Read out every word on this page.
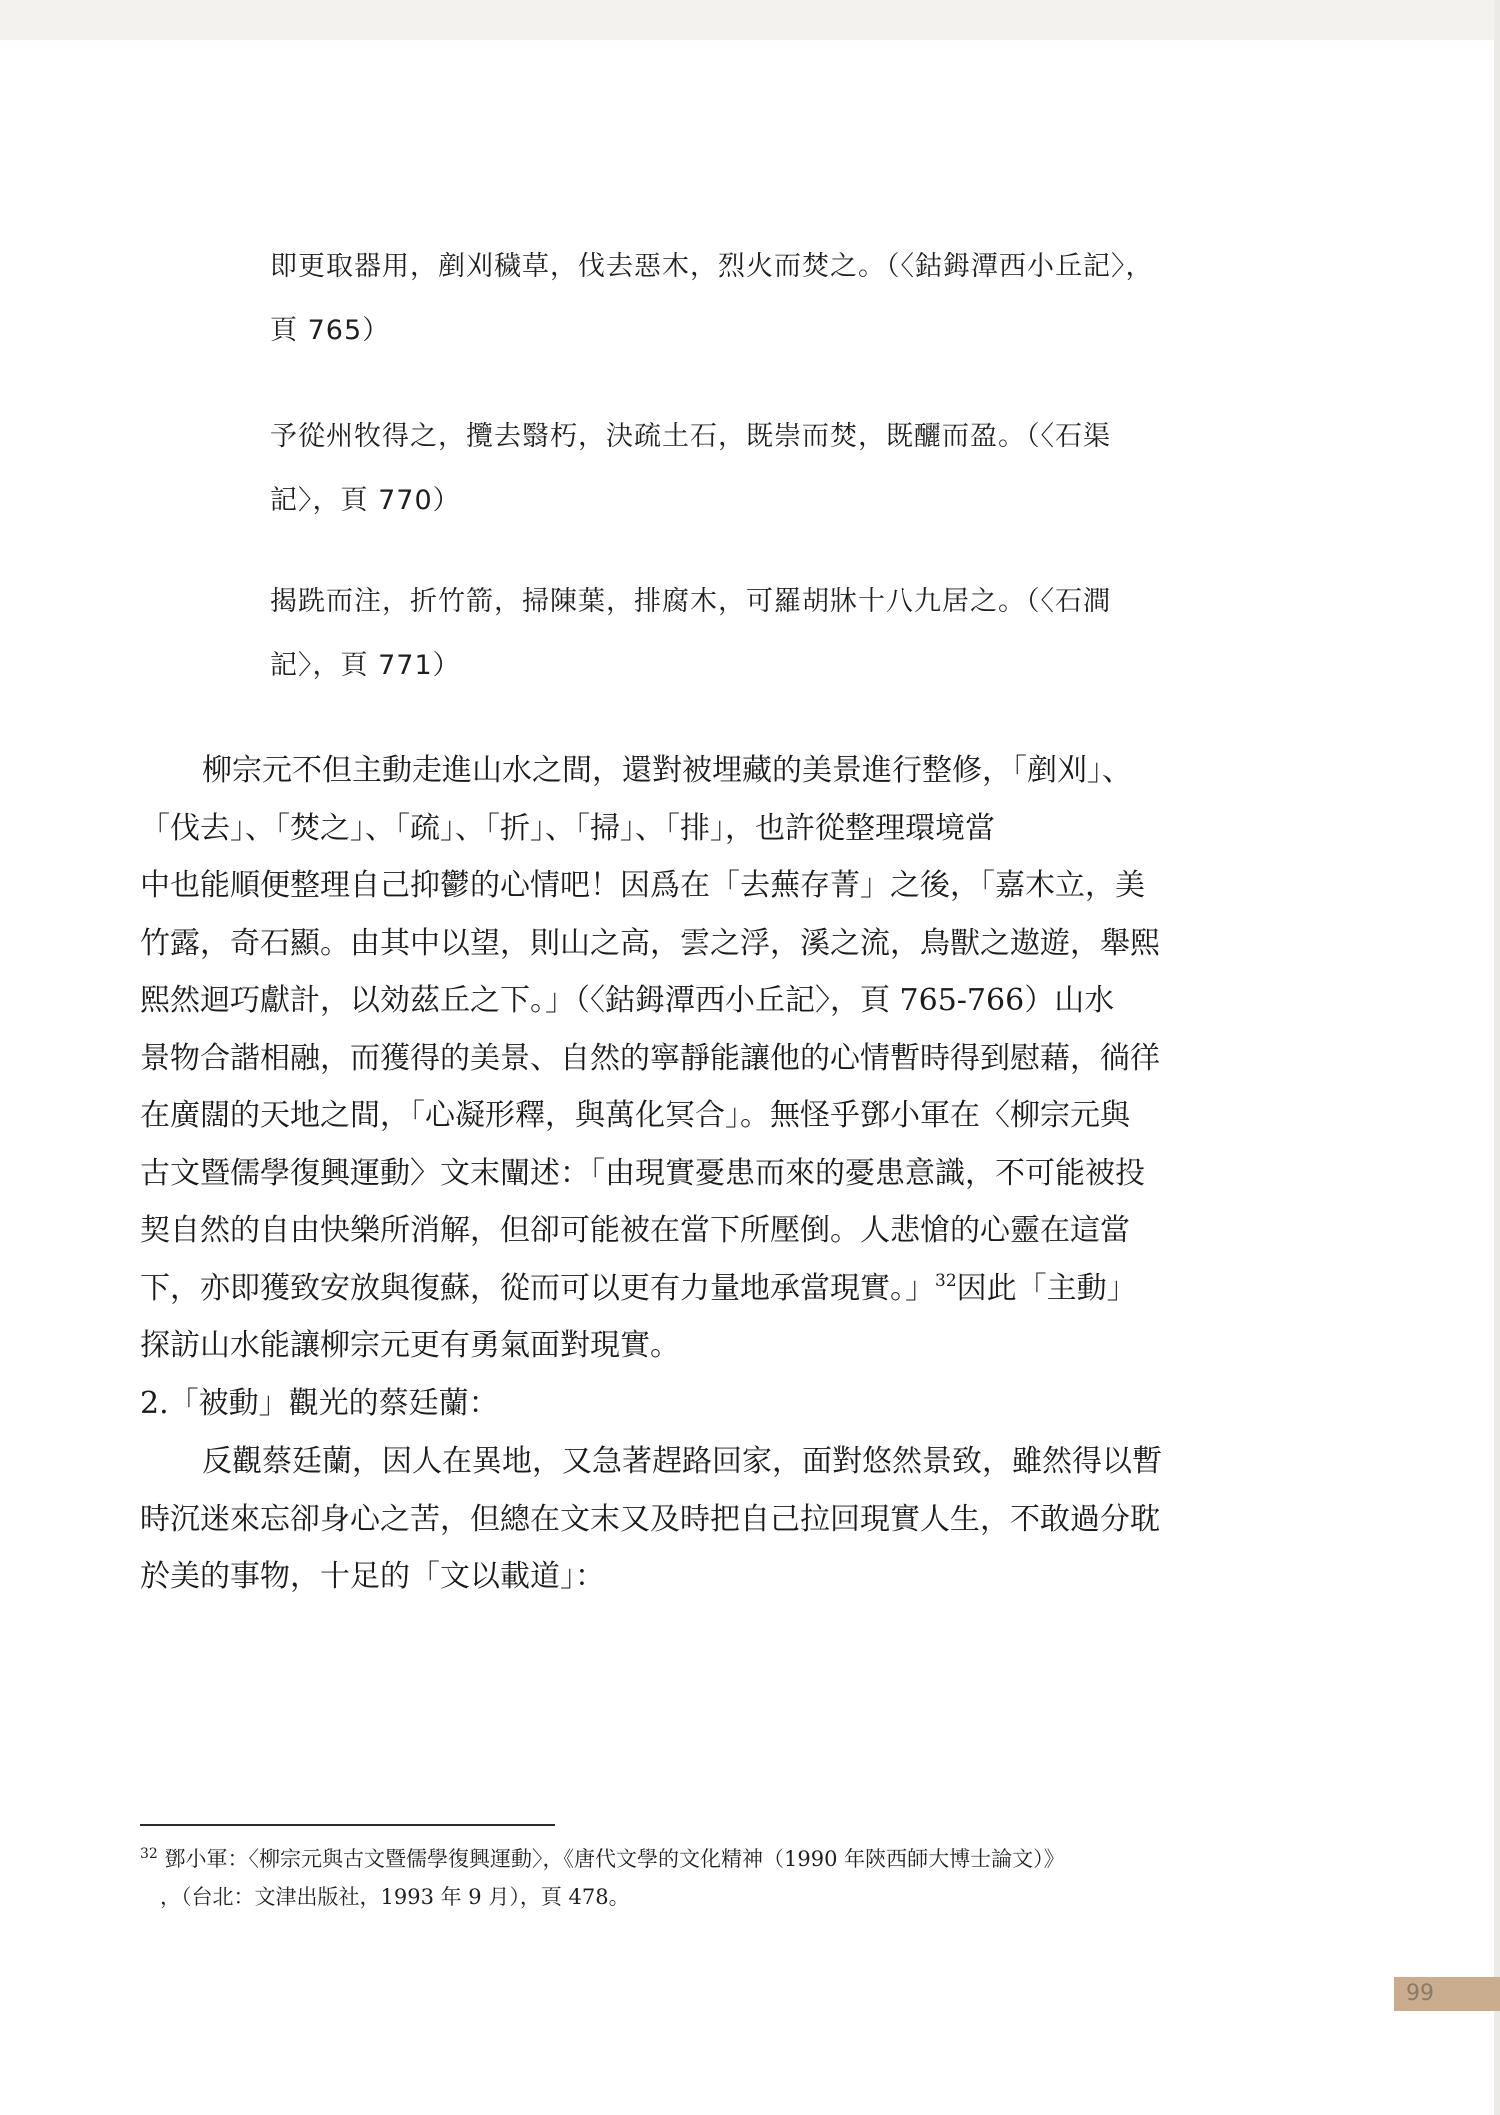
即更取器用，剷刈穢草，伐去惡木，烈火而焚之。（〈鈷鉧潭西小丘記〉，
頁 765）
予從州牧得之，攬去翳朽，決疏土石，既崇而焚，既釃而盈。（〈石渠
記〉，頁 770）
揭跣而注，折竹箭，掃陳葉，排腐木，可羅胡牀十八九居之。（〈石澗
記〉，頁 771）
柳宗元不但主動走進山水之間，還對被埋藏的美景進行整修，「剷刈」、
「伐去」、「焚之」、「疏」、「折」、「掃」、「排」，也許從整理環境當
中也能順便整理自己抑鬱的心情吧！因爲在「去蕪存菁」之後，「嘉木立，美
竹露，奇石顯。由其中以望，則山之高，雲之浮，溪之流，鳥獸之遨遊，舉熙
熙然迴巧獻計，以効茲丘之下。」（〈鈷鉧潭西小丘記〉，頁 765-766）山水
景物合諧相融，而獲得的美景、自然的寧靜能讓他的心情暫時得到慰藉，徜徉
在廣闊的天地之間，「心凝形釋，與萬化冥合」。無怪乎鄧小軍在〈柳宗元與
古文暨儒學復興運動〉文末闡述：「由現實憂患而來的憂患意識，不可能被投
契自然的自由快樂所消解，但卻可能被在當下所壓倒。人悲愴的心靈在這當
下，亦即獲致安放與復蘇，從而可以更有力量地承當現實。」$^{32}$因此「主動」
探訪山水能讓柳宗元更有勇氣面對現實。
2.「被動」觀光的蔡廷蘭：
反觀蔡廷蘭，因人在異地，又急著趕路回家，面對悠然景致，雖然得以暫
時沉迷來忘卻身心之苦，但總在文末又及時把自己拉回現實人生，不敢過分耽
於美的事物，十足的「文以載道」：
$^{32}$ 鄧小軍：〈柳宗元與古文暨儒學復興運動〉，《唐代文學的文化精神（1990 年陝西師大博士論文）》
，（台北：文津出版社，1993 年 9 月），頁 478。
99
